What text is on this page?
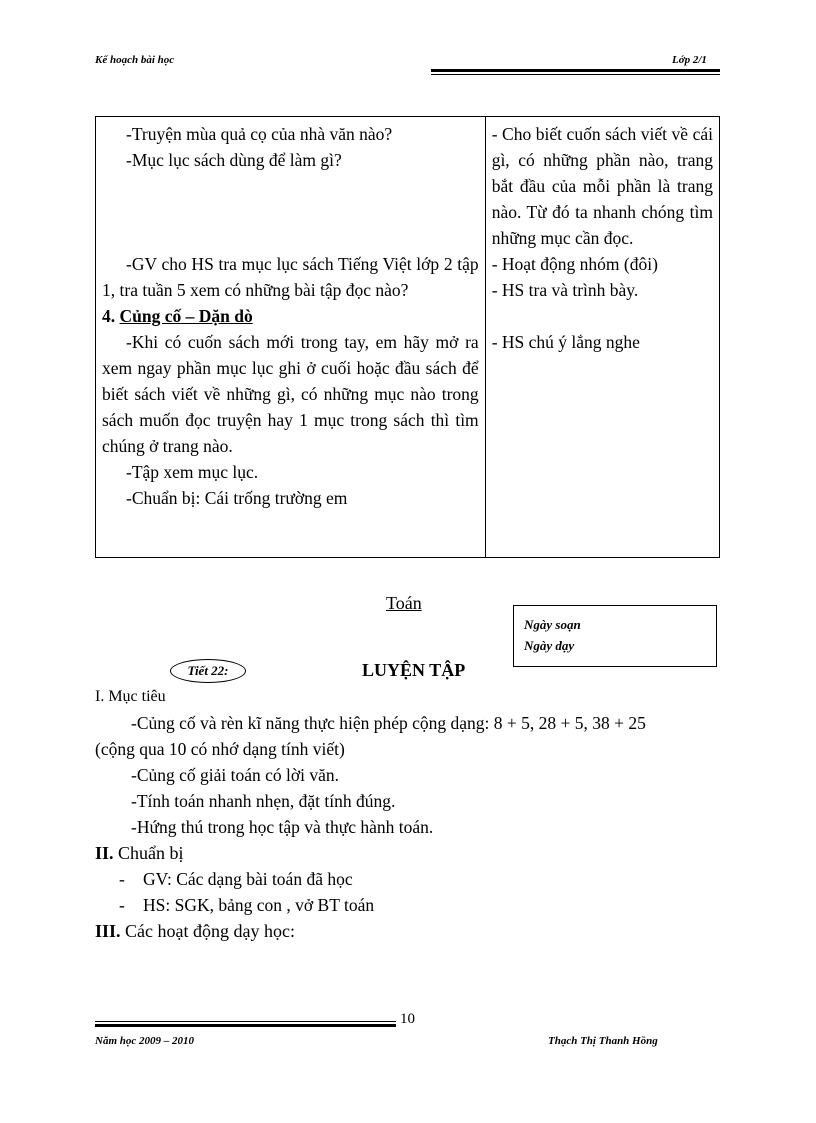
Kế hoạch bài học	Lớp 2/1
-Truyện mùa quả cọ của nhà văn nào?
-Mục lục sách dùng để làm gì?
-GV cho HS tra mục lục sách Tiếng Việt lớp 2 tập 1, tra tuần 5 xem có những bài tập đọc nào?
4. Củng cố – Dặn dò
-Khi có cuốn sách mới trong tay, em hãy mở ra xem ngay phần mục lục ghi ở cuối hoặc đầu sách để biết sách viết về những gì, có những mục nào trong sách muốn đọc truyện hay 1 mục trong sách thì tìm chúng ở trang nào.
-Tập xem mục lục.
-Chuẩn bị: Cái trống trường em

- Cho biết cuốn sách viết về cái gì, có những phần nào, trang bắt đầu của mỗi phần là trang nào. Từ đó ta nhanh chóng tìm những mục cần đọc.
- Hoạt động nhóm (đôi)
- HS tra và trình bày.
- HS chú ý lắng nghe
Toán
Ngày soạn
Ngày dạy
Tiết 22:	LUYỆN TẬP
I. Mục tiêu
-Củng cố và rèn kĩ năng thực hiện phép cộng dạng: 8 + 5, 28 + 5, 38 + 25
(cộng qua 10 có nhớ dạng tính viết)
-Củng cố giải toán có lời văn.
-Tính toán nhanh nhẹn, đặt tính đúng.
-Hứng thú trong học tập và thực hành toán.
II. Chuẩn bị
- GV: Các dạng bài toán đã học
- HS: SGK, bảng con , vở BT toán
III. Các hoạt động dạy học:
10
Năm học 2009 – 2010	Thạch Thị Thanh Hồng
